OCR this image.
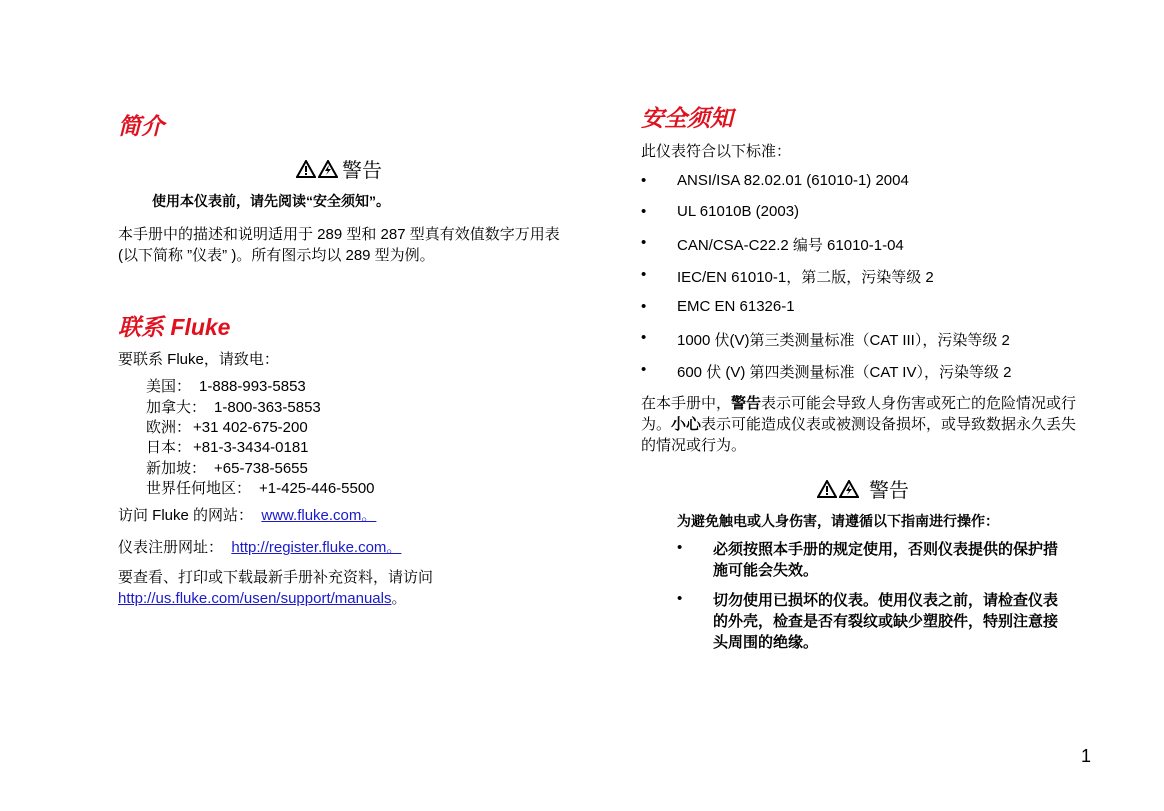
简介
警告

使用本仪表前，请先阅读“安全须知”。

本手册中的描述和说明适用于 289 型和 287 型真有效值数字万用表(以下简称 ”仪表” )。所有图示均以 289 型为例。

联系 Fluke

要联系 Fluke，请致电：

美国： 1-888-993-5853
加拿大： 1-800-363-5853
欧洲： +31 402-675-200
日本： +81-3-3434-0181
新加坡： +65-738-5655
世界任何地区： +1-425-446-5500

访问 Fluke 的网站： www.fluke.com。

仪表注册网址： http://register.fluke.com。

要查看、打印或下载最新手册补充资料，请访问
http://us.fluke.com/usen/support/manuals。

安全须知

此仪表符合以下标准：

•	ANSI/ISA 82.02.01 (61010-1) 2004
•	UL 61010B (2003)
•	CAN/CSA-C22.2 编号 61010-1-04
•	IEC/EN 61010-1，第二版，污染等级 2
•	EMC EN 61326-1
•	1000 伏(V)第三类测量标准（CAT III），污染等级 2
•	600 伏 (V) 第四类测量标准（CAT IV），污染等级 2

在本手册中，警告表示可能会导致人身伤害或死亡的危险情况或行为。小心表示可能造成仪表或被测设备损坏，或导致数据永久丢失的情况或行为。

警告

为避免触电或人身伤害，请遵循以下指南进行操作：

•	必须按照本手册的规定使用，否则仪表提供的保护措施可能会失效。
•	切勿使用已损坏的仪表。使用仪表之前，请检查仪表的外壳，检查是否有裂纹或缺少塑胶件，特别注意接头周围的绝缘。
1
